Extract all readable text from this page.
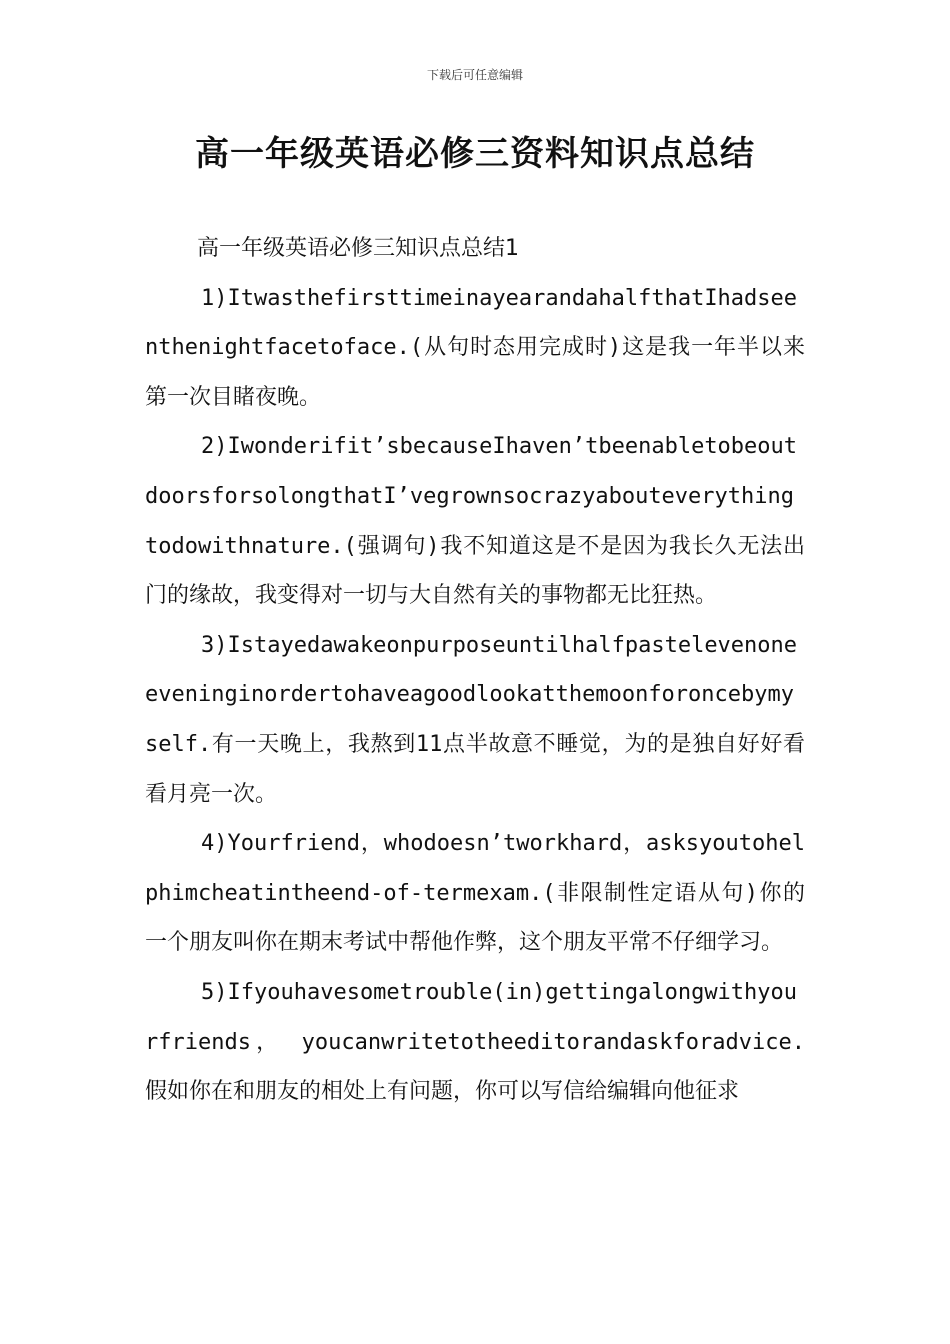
下载后可任意编辑
高一年级英语必修三资料知识点总结

高一年级英语必修三知识点总结1

1)ItwasthefirsttimeinayearandahalfthatIhadseenthenightfacetoface.(从句时态用完成时)这是我一年半以来第一次目睹夜晚。

2)Iwonderifit’sbecauseIhaven’tbeenabletobeoutdoorsforsolongthatI’vegrownsocrazyabouteverythingtodowithnature.(强调句)我不知道这是不是因为我长久无法出门的缘故，我变得对一切与大自然有关的事物都无比狂热。

3)Istayedawakeonpurposeuntilhalfpastelevenoneeveninginordertohaveagoodlookatthemoonforoncebymyself.有一天晚上，我熬到11点半故意不睡觉，为的是独自好好看看月亮一次。

4)Yourfriend，whodoesn’tworkhard，asksyoutohelphimcheatintheend-of-termexam.(非限制性定语从句)你的一个朋友叫你在期末考试中帮他作弊，这个朋友平常不仔细学习。

5)Ifyouhavesometrouble(in)gettingalongwithyourfriends， youcanwritetotheeditorandaskforadvice.假如你在和朋友的相处上有问题，你可以写信给编辑向他征求
